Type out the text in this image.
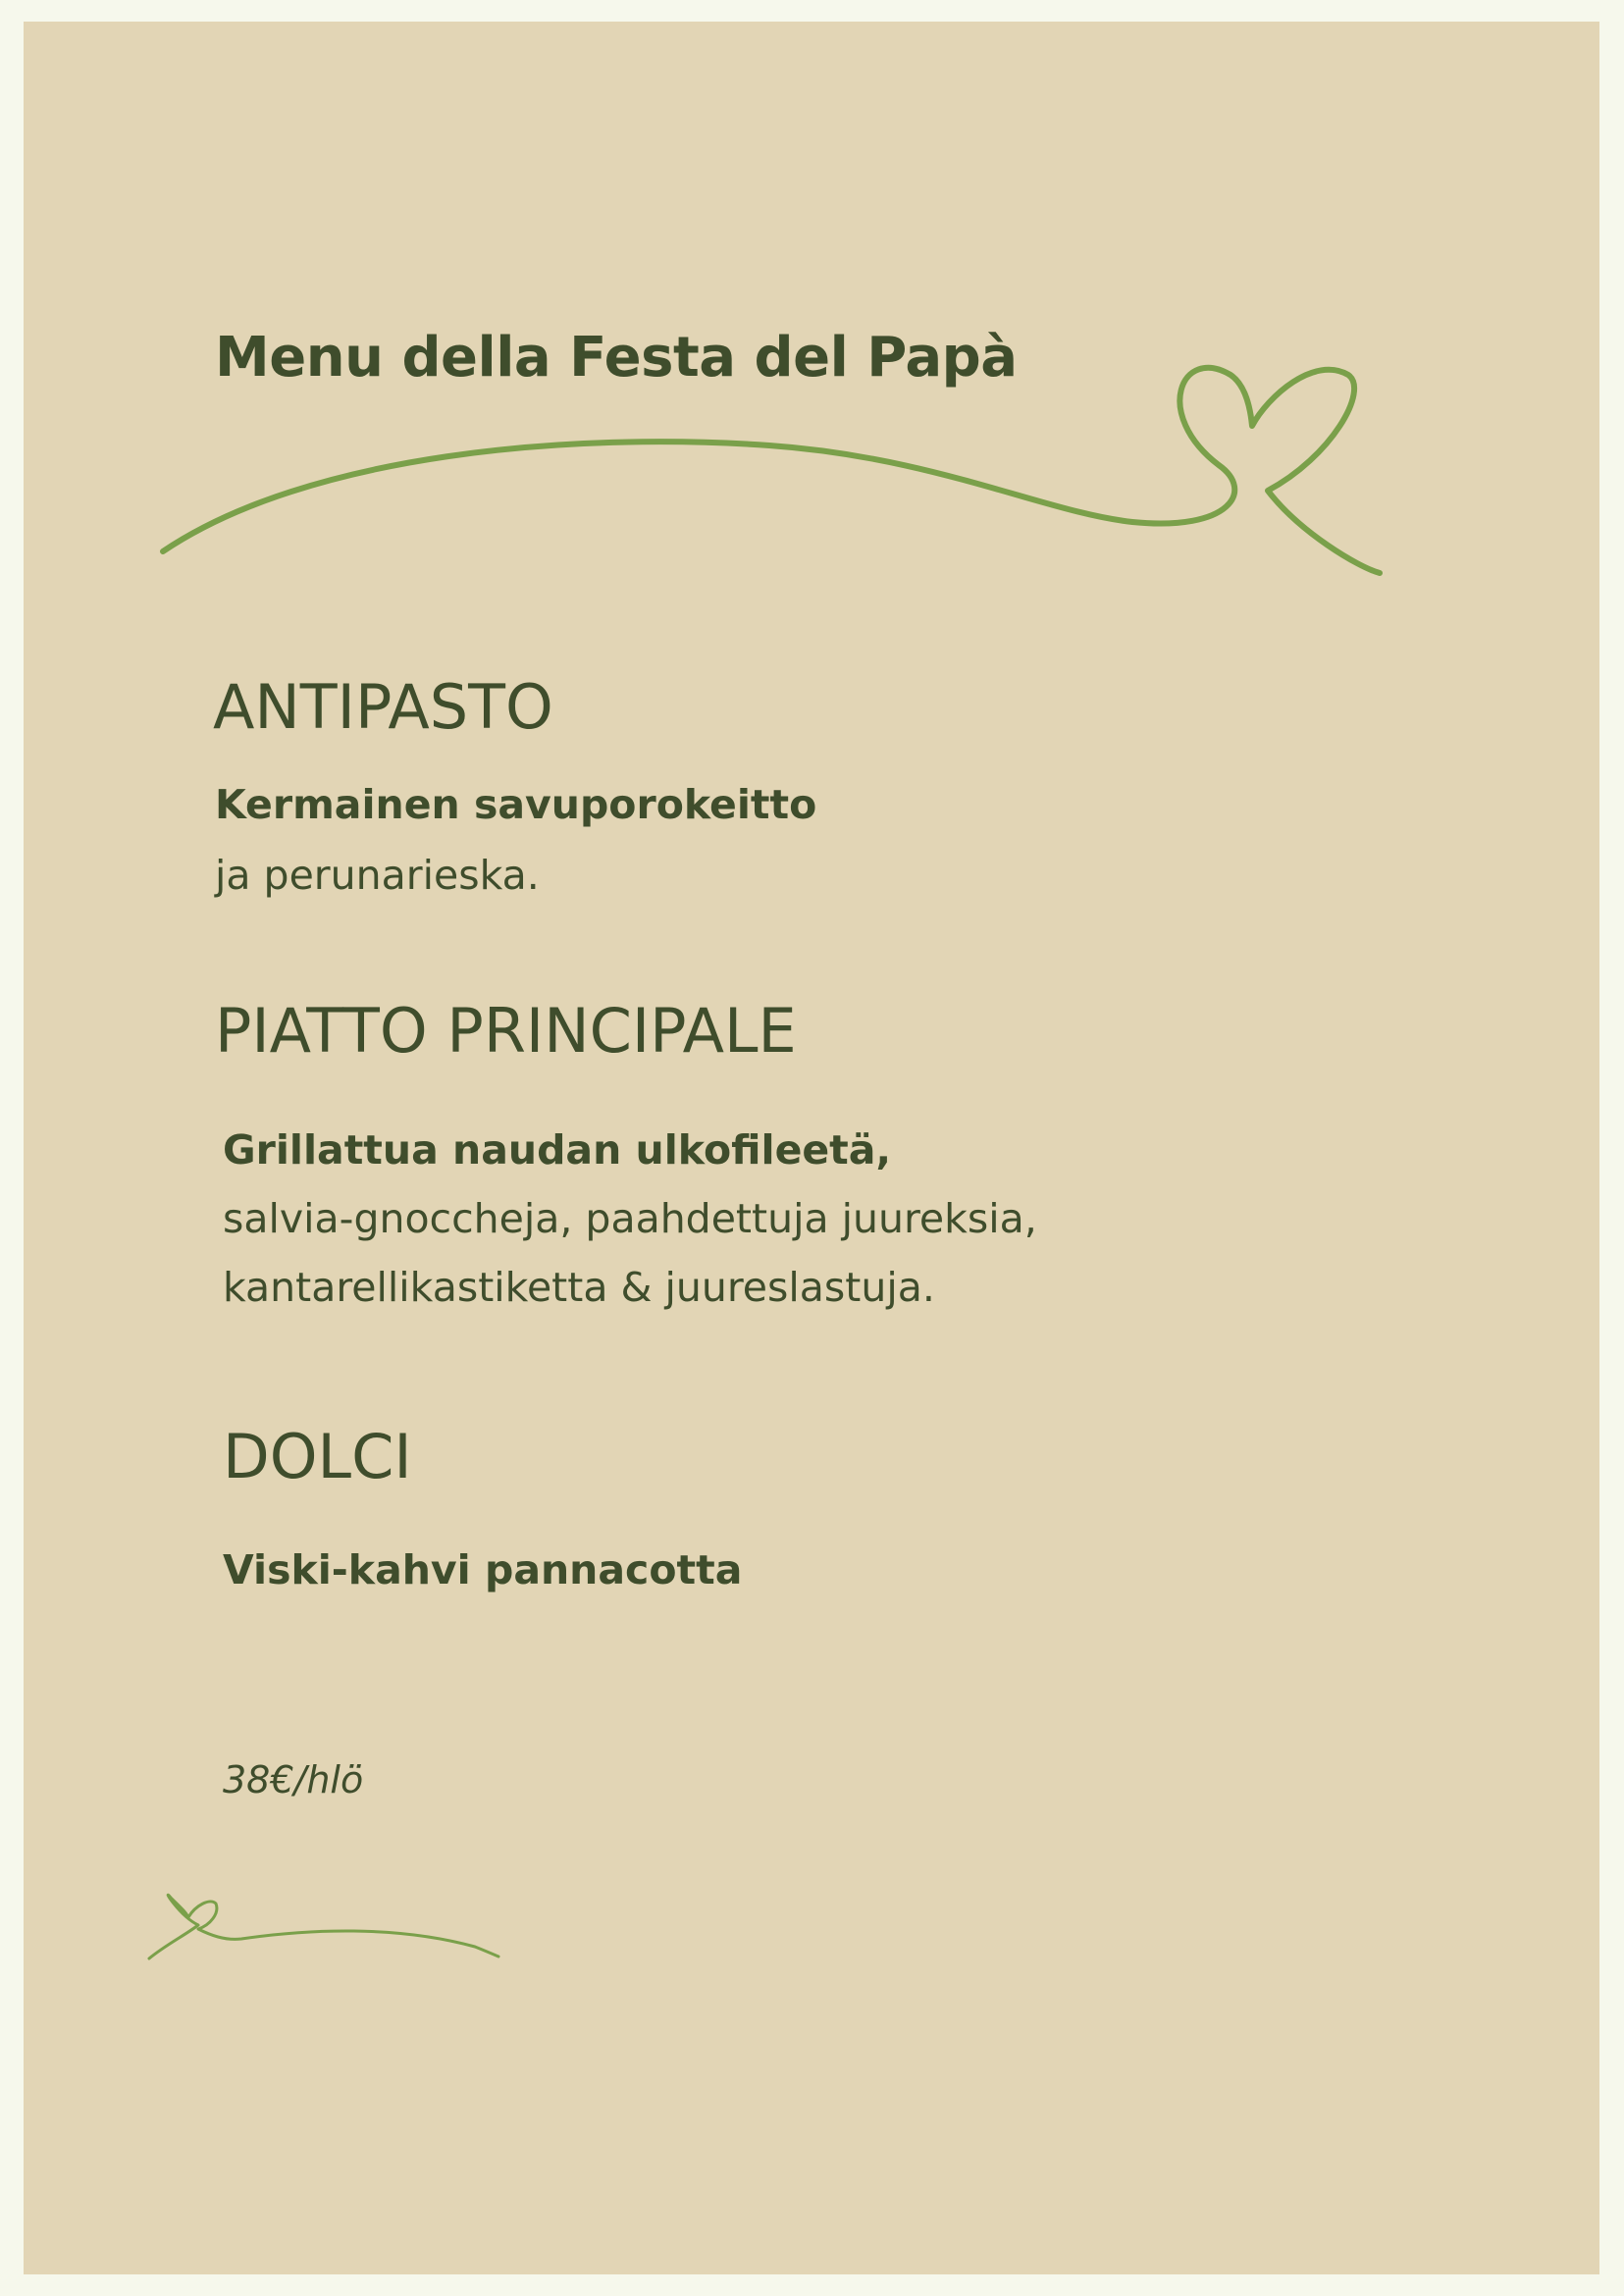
Menu della Festa del Papà
ANTIPASTO

Kermainen savuporokeitto

ja perunarieska.

PIATTO PRINCIPALE

Grillattua naudan ulkofileetä,

salvia-gnoccheja, paahdettuja juureksia,

kantarellikastiketta & juureslastuja.

DOLCI

Viski-kahvi pannacotta

38€/hlö
